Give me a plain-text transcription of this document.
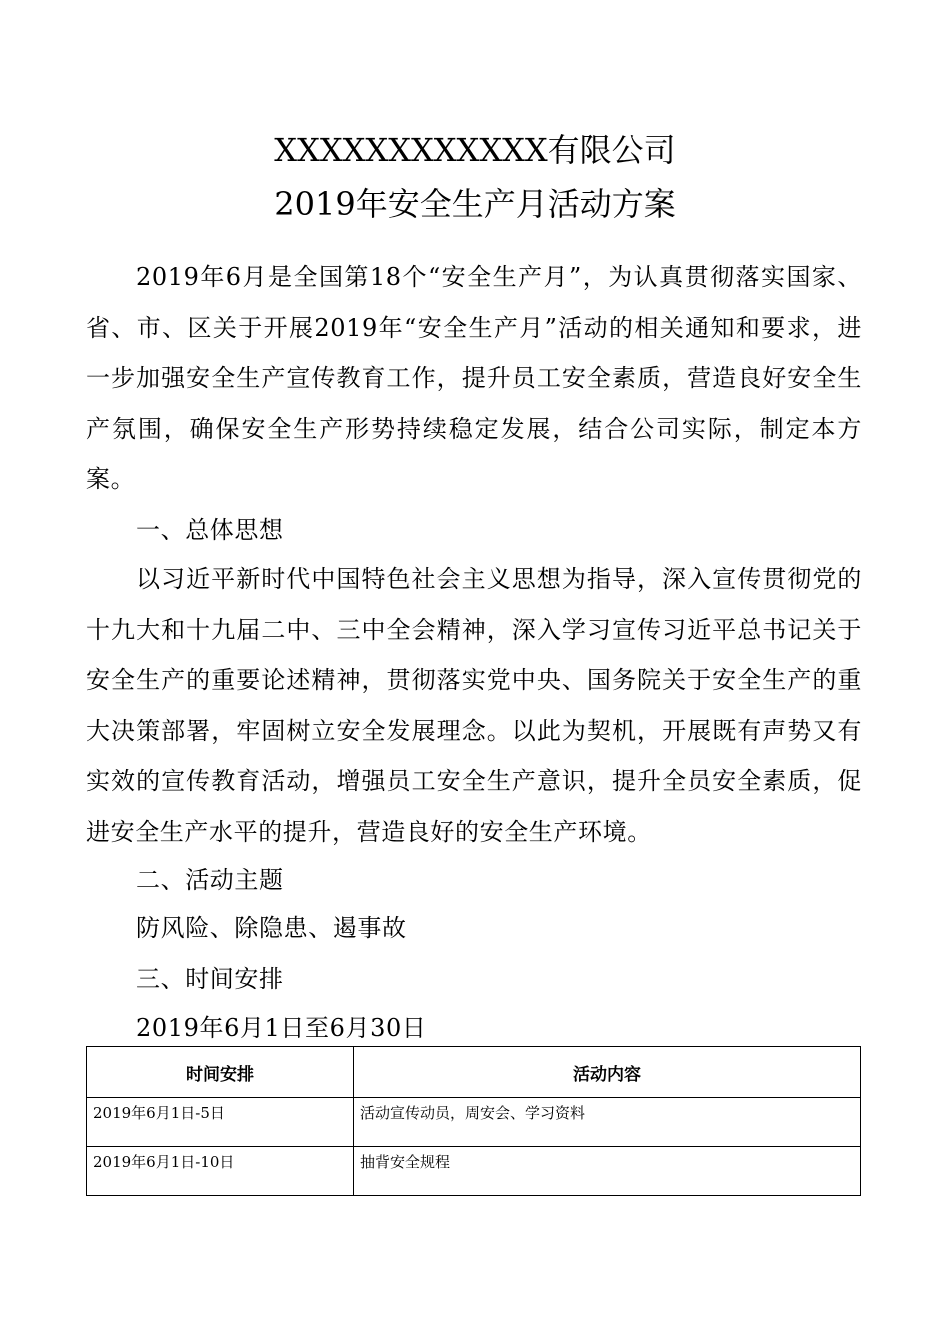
XXXXXXXXXXXX有限公司
2019年安全生产月活动方案
2019年6月是全国第18个“安全生产月”，为认真贯彻落实国家、省、市、区关于开展2019年“安全生产月”活动的相关通知和要求，进一步加强安全生产宣传教育工作，提升员工安全素质，营造良好安全生产氛围，确保安全生产形势持续稳定发展，结合公司实际，制定本方案。
一、总体思想
以习近平新时代中国特色社会主义思想为指导，深入宣传贯彻党的十九大和十九届二中、三中全会精神，深入学习宣传习近平总书记关于安全生产的重要论述精神，贯彻落实党中央、国务院关于安全生产的重大决策部署，牢固树立安全发展理念。以此为契机，开展既有声势又有实效的宣传教育活动，增强员工安全生产意识，提升全员安全素质，促进安全生产水平的提升，营造良好的安全生产环境。
二、活动主题
防风险、除隐患、遏事故
三、时间安排
2019年6月1日至6月30日
时间安排	活动内容
2019年6月1日-5日	活动宣传动员，周安会、学习资料
2019年6月1日-10日	抽背安全规程
